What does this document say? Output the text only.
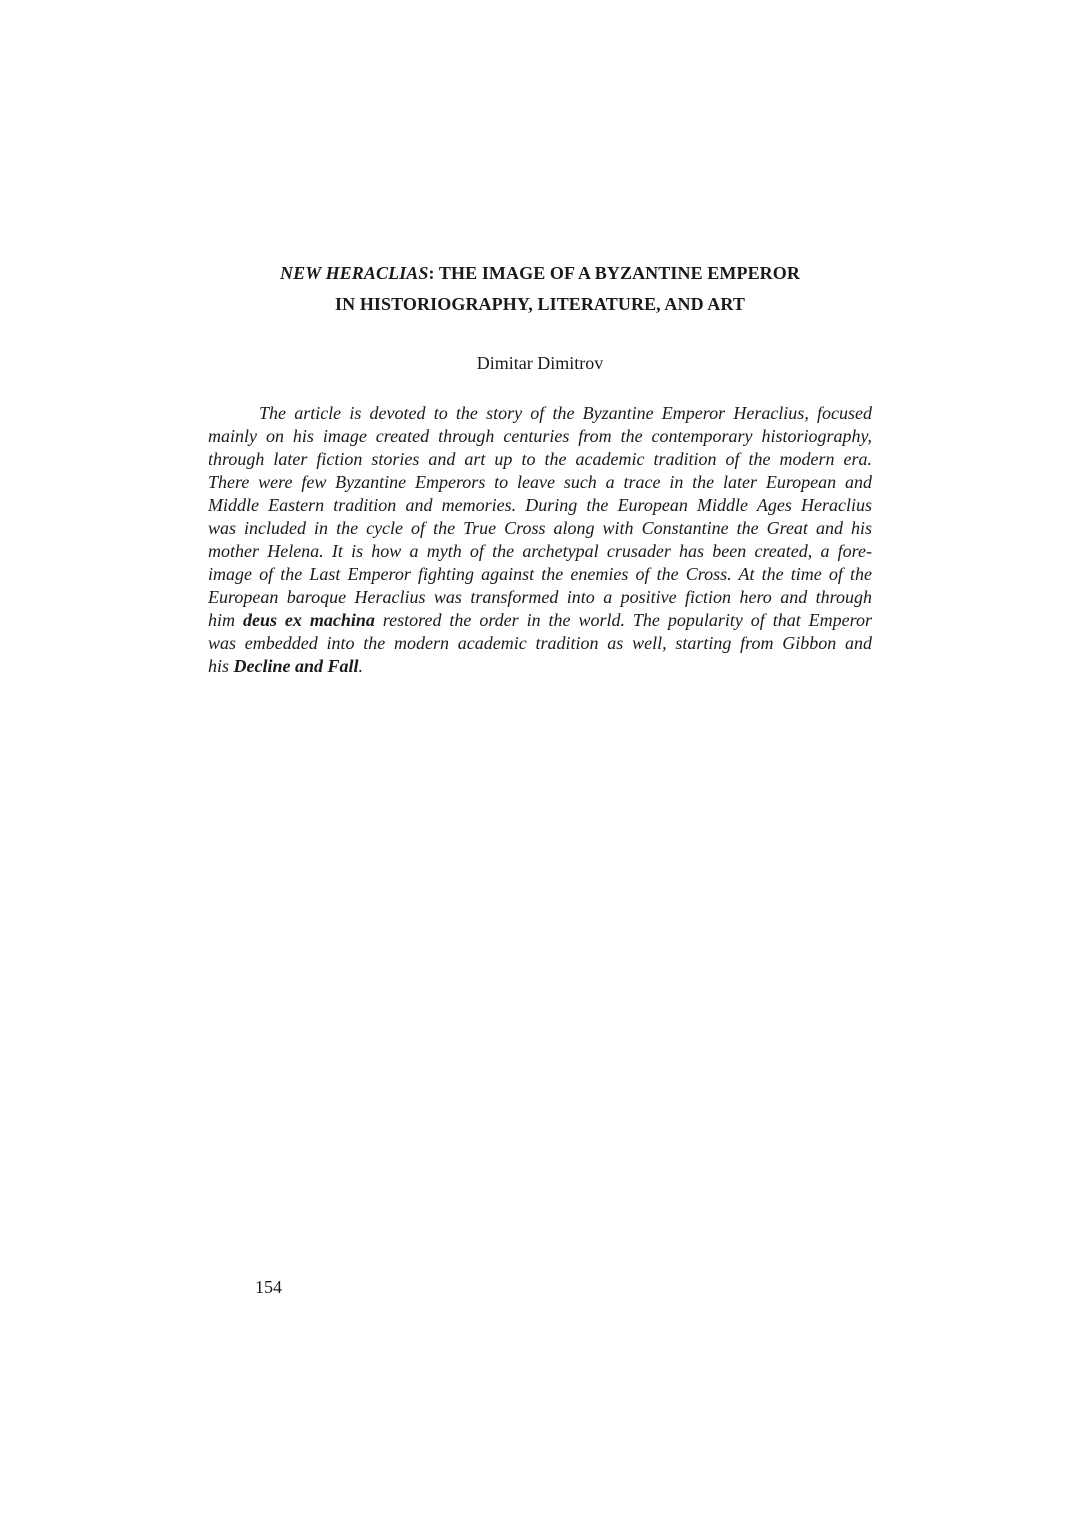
NEW HERACLIAS: THE IMAGE OF A BYZANTINE EMPEROR
IN HISTORIOGRAPHY, LITERATURE, AND ART
Dimitar Dimitrov
The article is devoted to the story of the Byzantine Emperor Heraclius, focused
mainly on his image created through centuries from the contemporary historiography,
through later fiction stories and art up to the academic tradition of the modern era.
There were few Byzantine Emperors to leave such a trace in the later European and
Middle Eastern tradition and memories. During the European Middle Ages Heraclius
was included in the cycle of the True Cross along with Constantine the Great and his
mother Helena. It is how a myth of the archetypal crusader has been created, a fore-
image of the Last Emperor fighting against the enemies of the Cross. At the time of the
European baroque Heraclius was transformed into a positive fiction hero and through
him deus ex machina restored the order in the world. The popularity of that Emperor
was embedded into the modern academic tradition as well, starting from Gibbon and
his Decline and Fall.
154
